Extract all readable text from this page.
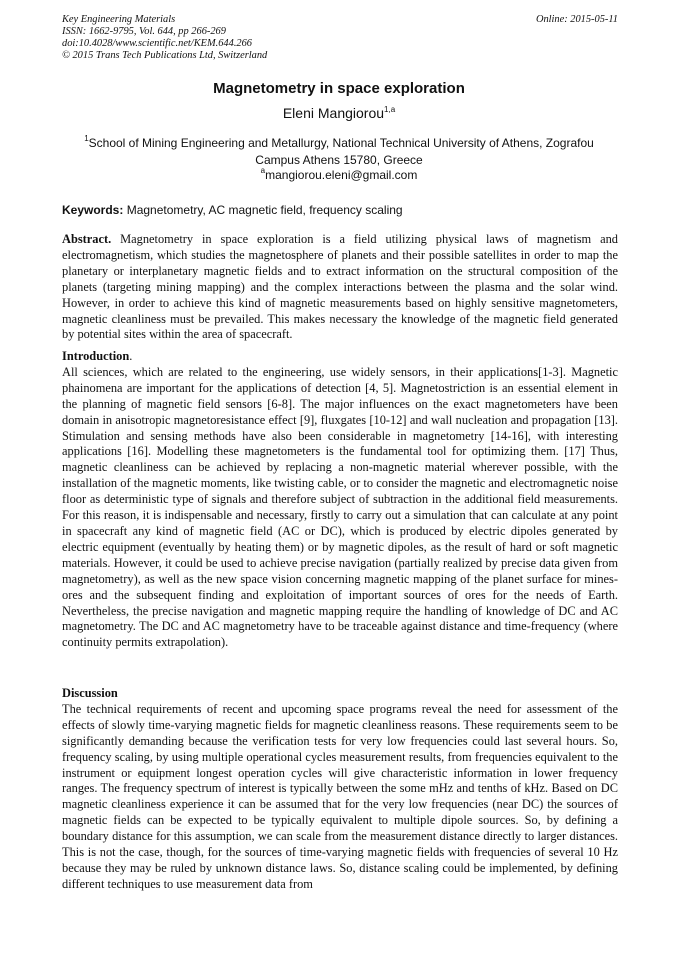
Key Engineering Materials
ISSN: 1662-9795, Vol. 644, pp 266-269
doi:10.4028/www.scientific.net/KEM.644.266
© 2015 Trans Tech Publications Ltd, Switzerland
Online: 2015-05-11
Magnetometry in space exploration
Eleni Mangiorou$^{1,a}$
$^1$School of Mining Engineering and Metallurgy, National Technical University of Athens, Zografou Campus Athens 15780, Greece
$^a$mangiorou.eleni@gmail.com
Keywords: Magnetometry, AC magnetic field, frequency scaling
Abstract. Magnetometry in space exploration is a field utilizing physical laws of magnetism and electromagnetism, which studies the magnetosphere of planets and their possible satellites in order to map the planetary or interplanetary magnetic fields and to extract information on the structural composition of the planets (targeting mining mapping) and the complex interactions between the plasma and the solar wind. However, in order to achieve this kind of magnetic measurements based on highly sensitive magnetometers, magnetic cleanliness must be prevailed. This makes necessary the knowledge of the magnetic field generated by potential sites within the area of spacecraft.
Introduction.
All sciences, which are related to the engineering, use widely sensors, in their applications[1-3]. Magnetic phainomena are important for the applications of detection [4, 5]. Magnetostriction is an essential element in the planning of magnetic field sensors [6-8]. The major influences on the exact magnetometers have been domain in anisotropic magnetoresistance effect [9], fluxgates [10-12] and wall nucleation and propagation [13]. Stimulation and sensing methods have also been considerable in magnetometry [14-16], with interesting applications [16]. Modelling these magnetometers is the fundamental tool for optimizing them. [17] Thus, magnetic cleanliness can be achieved by replacing a non-magnetic material wherever possible, with the installation of the magnetic moments, like twisting cable, or to consider the magnetic and electromagnetic noise floor as deterministic type of signals and therefore subject of subtraction in the additional field measurements. For this reason, it is indispensable and necessary, firstly to carry out a simulation that can calculate at any point in spacecraft any kind of magnetic field (AC or DC), which is produced by electric dipoles generated by electric equipment (eventually by heating them) or by magnetic dipoles, as the result of hard or soft magnetic materials. However, it could be used to achieve precise navigation (partially realized by precise data given from magnetometry), as well as the new space vision concerning magnetic mapping of the planet surface for mines-ores and the subsequent finding and exploitation of important sources of ores for the needs of Earth. Nevertheless, the precise navigation and magnetic mapping require the handling of knowledge of DC and AC magnetometry. The DC and AC magnetometry have to be traceable against distance and time-frequency (where continuity permits extrapolation).
Discussion
The technical requirements of recent and upcoming space programs reveal the need for assessment of the effects of slowly time-varying magnetic fields for magnetic cleanliness reasons. These requirements seem to be significantly demanding because the verification tests for very low frequencies could last several hours. So, frequency scaling, by using multiple operational cycles measurement results, from frequencies equivalent to the instrument or equipment longest operation cycles will give characteristic information in lower frequency ranges. The frequency spectrum of interest is typically between the some mHz and tenths of kHz. Based on DC magnetic cleanliness experience it can be assumed that for the very low frequencies (near DC) the sources of magnetic fields can be expected to be typically equivalent to multiple dipole sources. So, by defining a boundary distance for this assumption, we can scale from the measurement distance directly to larger distances. This is not the case, though, for the sources of time-varying magnetic fields with frequencies of several 10 Hz because they may be ruled by unknown distance laws. So, distance scaling could be implemented, by defining different techniques to use measurement data from
